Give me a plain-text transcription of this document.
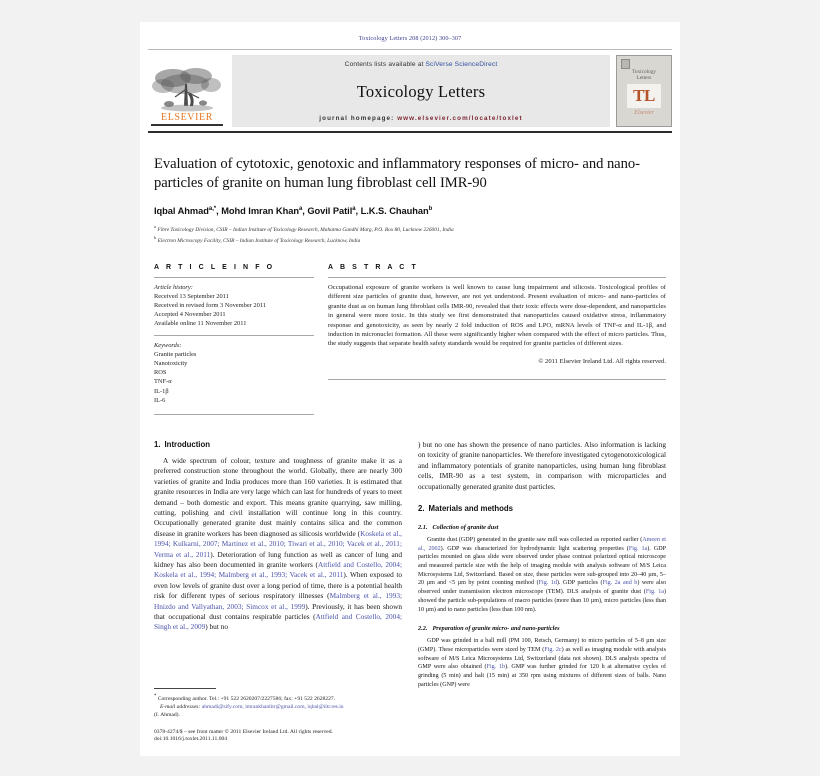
Toxicology Letters 208 (2012) 300–307
ELSEVIER
Contents lists available at SciVerse ScienceDirect
Toxicology Letters
journal homepage: www.elsevier.com/locate/toxlet
Toxicology
Letters
TL
Elsevier
Evaluation of cytotoxic, genotoxic and inflammatory responses of micro- and nano-particles of granite on human lung fibroblast cell IMR-90
Iqbal Ahmad$^{a,*}$, Mohd Imran Khan$^a$, Govil Patil$^a$, L.K.S. Chauhan$^b$
$^a$ Fibre Toxicology Division, CSIR – Indian Institute of Toxicology Research, Mahatma Gandhi Marg, P.O. Box 80, Lucknow 226001, India
$^b$ Electron Microscopy Facility, CSIR – Indian Institute of Toxicology Research, Lucknow, India
A R T I C L E I N F O
Article history:
Received 13 September 2011
Received in revised form 3 November 2011
Accepted 4 November 2011
Available online 11 November 2011
Keywords:
Granite particles
Nanotoxicity
ROS
TNF-α
IL-1β
IL-6
A B S T R A C T
Occupational exposure of granite workers is well known to cause lung impairment and silicosis. Toxicological profiles of different size particles of granite dust, however, are not yet understood. Present evaluation of micro- and nano-particles of granite dust as on human lung fibroblast cells IMR-90, revealed that their toxic effects were dose-dependent, and nanoparticles in general were more toxic. In this study we first demonstrated that nanoparticles caused oxidative stress, inflammatory response and genotoxicity, as seen by nearly 2 fold induction of ROS and LPO, mRNA levels of TNF-α and IL-1β, and induction in micronuclei formation. All these were significantly higher when compared with the effect of micro particles. Thus, the study suggests that separate health safety standards would be required for granite particles of different sizes.
© 2011 Elsevier Ireland Ltd. All rights reserved.
1. Introduction

A wide spectrum of colour, texture and toughness of granite make it as a preferred construction stone throughout the world. Globally, there are nearly 300 varieties of granite and India produces more than 160 varieties. It is estimated that granite resources in India are very large which can last for hundreds of years to meet demand – both domestic and export. This means granite quarrying, saw milling, cutting, polishing and civil installation will continue long in this country. Occupationally generated granite dust mainly contains silica and the common disease in granite workers has been diagnosed as silicosis worldwide (Koskela et al., 1994; Kulkarni, 2007; Martinez et al., 2010; Tiwari et al., 2010; Vacek et al., 2011; Verma et al., 2011). Deterioration of lung function as well as cancer of lung and kidney has also been documented in granite workers (Attfield and Costello, 2004; Koskela et al., 1994; Malmberg et al., 1993; Vacek et al., 2011). When exposed to even low levels of granite dust over a long period of time, there is a potential health risk for different types of serious respiratory illnesses (Malmberg et al., 1993; Hnizdo and Vallyathan, 2003; Simcox et al., 1999). Previously, it has been shown that occupational dust contains respirable particles (Attfield and Costello, 2004; Singh et al., 2009) but no

* Corresponding author. Tel.: +91 522 2620207/2227586; fax: +91 522 2628227.
E-mail addresses: ahmadi@sify.com, imrankhanlitr@gmail.com, iqbal@iitr.res.in
(I. Ahmad).
0378-4274/$ – see front matter © 2011 Elsevier Ireland Ltd. All rights reserved.
doi:10.1016/j.toxlet.2011.11.004

) but no one has shown the presence of nano particles. Also information is lacking on toxicity of granite nanoparticles. We therefore investigated cytogenotoxicological and inflammatory potentials of granite nanoparticles, using human lung fibroblast cells, IMR-90 as a test system, in comparison with microparticles and occupationally generated granite dust particles.

2. Materials and methods
2.1. Collection of granite dust

Granite dust (GDP) generated in the granite saw mill was collected as reported earlier (Ameen et al., 2002). GDP was characterized for hydrodynamic light scattering properties (Fig. 1a). GDP particles mounted on glass slide were observed under phase contrast polarized optical microscope and measured particle size with the help of imaging module with analysis software of M/S Leica Microsystems Ltd, Switzerland. Based on size, these particles were sub-grouped into 20–40 µm, 5–20 µm and <5 µm by point counting method (Fig. 1d). GDP particles (Fig. 2a and b) were also observed under transmission electron microscope (TEM). DLS analysis of granite dust (Fig. 1a) showed the particle sub-populations of macro particles (more than 10 µm), micro particles (less than 10 µm) and to nano particles (less than 100 nm).

2.2. Preparation of granite micro- and nano-particles

GDP was grinded in a ball mill (PM 100, Retsch, Germany) to micro particles of 5–8 µm size (GMP). These microparticles were sized by TEM (Fig. 2c) as well as imaging module with analysis software of M/S Leica Microsystems Ltd, Switzerland (data not shown). DLS analysis spectra of GMP were also obtained (Fig. 1b). GMP was further grinded for 120 h at alternative cycles of grinding (5 min) and halt (15 min) at 350 rpm using mixtures of different sizes of balls. Nano particles (GNP) were
